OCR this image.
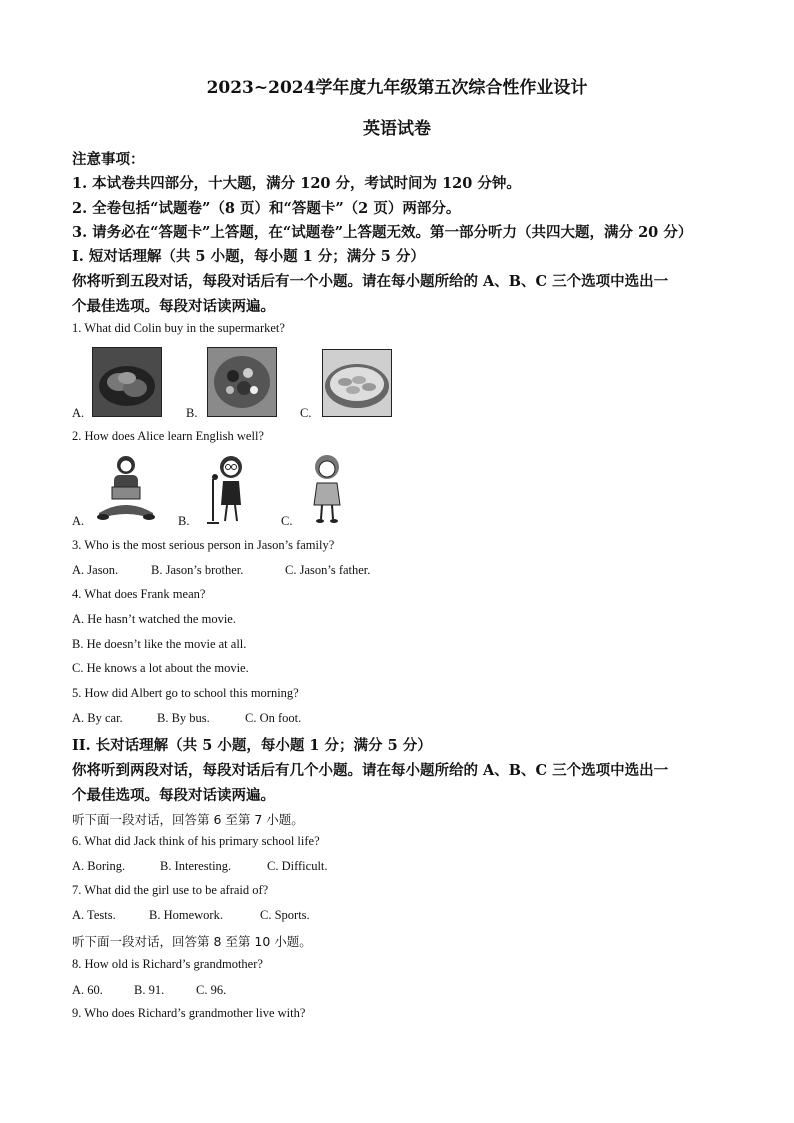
2023~2024学年度九年级第五次综合性作业设计
英语试卷
注意事项：
1. 本试卷共四部分，十大题，满分 120 分，考试时间为 120 分钟。
2. 全卷包括“试题卷”（8 页）和“答题卡”（2 页）两部分。
3. 请务必在“答题卡”上答题，在“试题卷”上答题无效。第一部分听力（共四大题，满分 20 分）
I. 短对话理解（共 5 小题，每小题 1 分；满分 5 分）
你将听到五段对话，每段对话后有一个小题。请在每小题所给的 A、B、C 三个选项中选出一
个最佳选项。每段对话读两遍。
1. What did Colin buy in the supermarket?
A.	B.	C.
2. How does Alice learn English well?
A.	B.	C.
3. Who is the most serious person in Jason’s family?
A. Jason.	B. Jason’s brother.	C. Jason’s father.
4. What does Frank mean?
A. He hasn’t watched the movie.
B. He doesn’t like the movie at all.
C. He knows a lot about the movie.
5. How did Albert go to school this morning?
A. By car.	B. By bus.	C. On foot.
II. 长对话理解（共 5 小题，每小题 1 分；满分 5 分）
你将听到两段对话，每段对话后有几个小题。请在每小题所给的 A、B、C 三个选项中选出一
个最佳选项。每段对话读两遍。
听下面一段对话，回答第 6 至第 7 小题。
6. What did Jack think of his primary school life?
A. Boring.	B. Interesting.	C. Difficult.
7. What did the girl use to be afraid of?
A. Tests.	B. Homework.	C. Sports.
听下面一段对话，回答第 8 至第 10 小题。
8. How old is Richard’s grandmother?
A. 60. B. 91.	C. 96.
9. Who does Richard’s grandmother live with?
